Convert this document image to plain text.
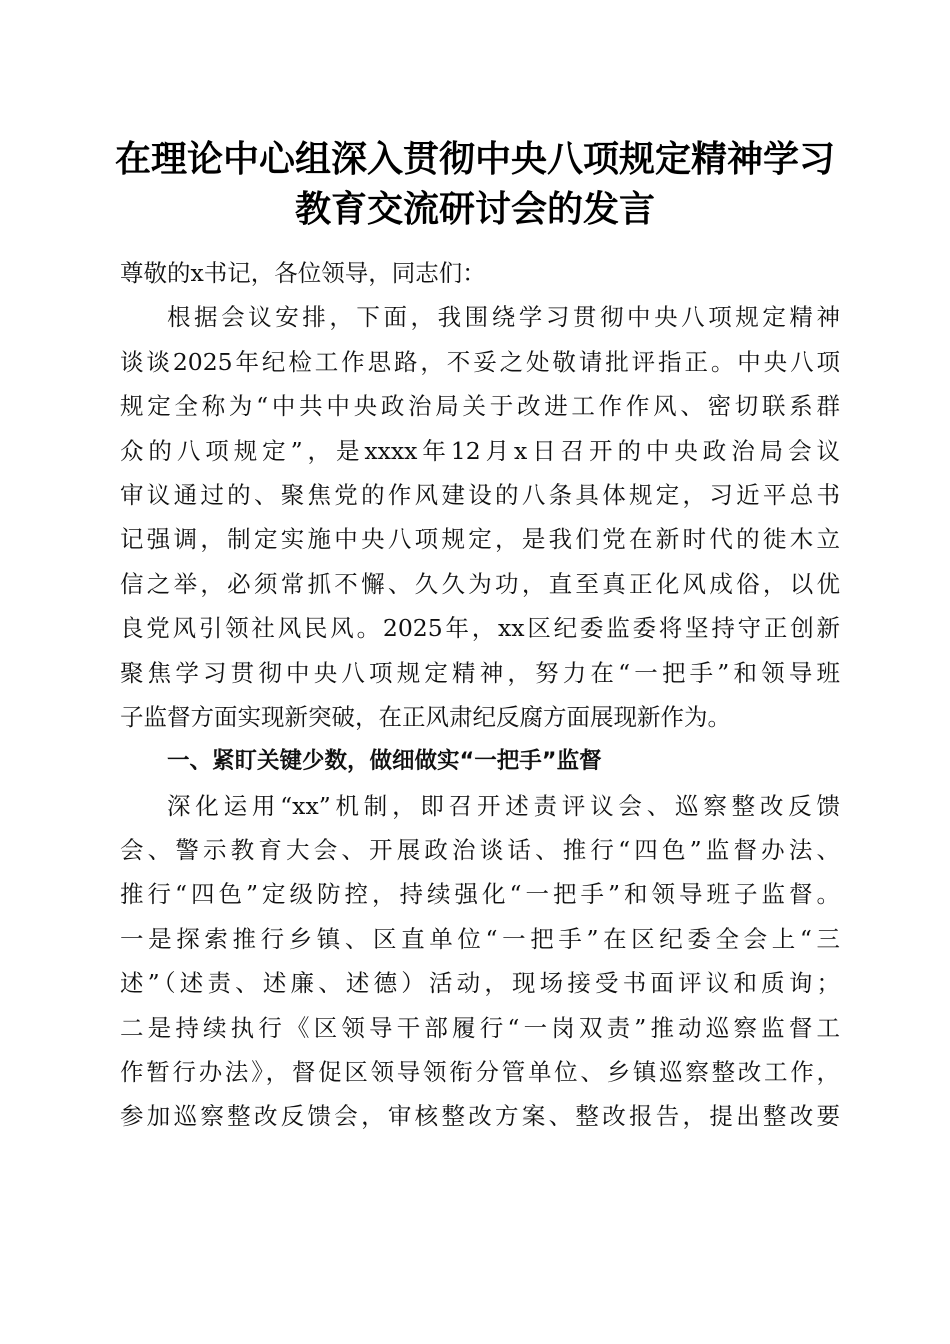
在理论中心组深入贯彻中央八项规定精神学习
教育交流研讨会的发言
尊敬的x书记，各位领导，同志们：
根据会议安排，下面，我围绕学习贯彻中央八项规定精神
谈谈2025年纪检工作思路，不妥之处敬请批评指正。中央八项
规定全称为“中共中央政治局关于改进工作作风、密切联系群
众的八项规定”，是xxxx年12月x日召开的中央政治局会议
审议通过的、聚焦党的作风建设的八条具体规定，习近平总书
记强调，制定实施中央八项规定，是我们党在新时代的徙木立
信之举，必须常抓不懈、久久为功，直至真正化风成俗，以优
良党风引领社风民风。2025年，xx区纪委监委将坚持守正创新
聚焦学习贯彻中央八项规定精神，努力在“一把手”和领导班
子监督方面实现新突破，在正风肃纪反腐方面展现新作为。
一、紧盯关键少数，做细做实“一把手”监督
深化运用“xx”机制，即召开述责评议会、巡察整改反馈
会、警示教育大会、开展政治谈话、推行“四色”监督办法、
推行“四色”定级防控，持续强化“一把手”和领导班子监督。
一是探索推行乡镇、区直单位“一把手”在区纪委全会上“三
述”（述责、述廉、述德）活动，现场接受书面评议和质询；
二是持续执行《区领导干部履行“一岗双责”推动巡察监督工
作暂行办法》，督促区领导领衔分管单位、乡镇巡察整改工作，
参加巡察整改反馈会，审核整改方案、整改报告，提出整改要
